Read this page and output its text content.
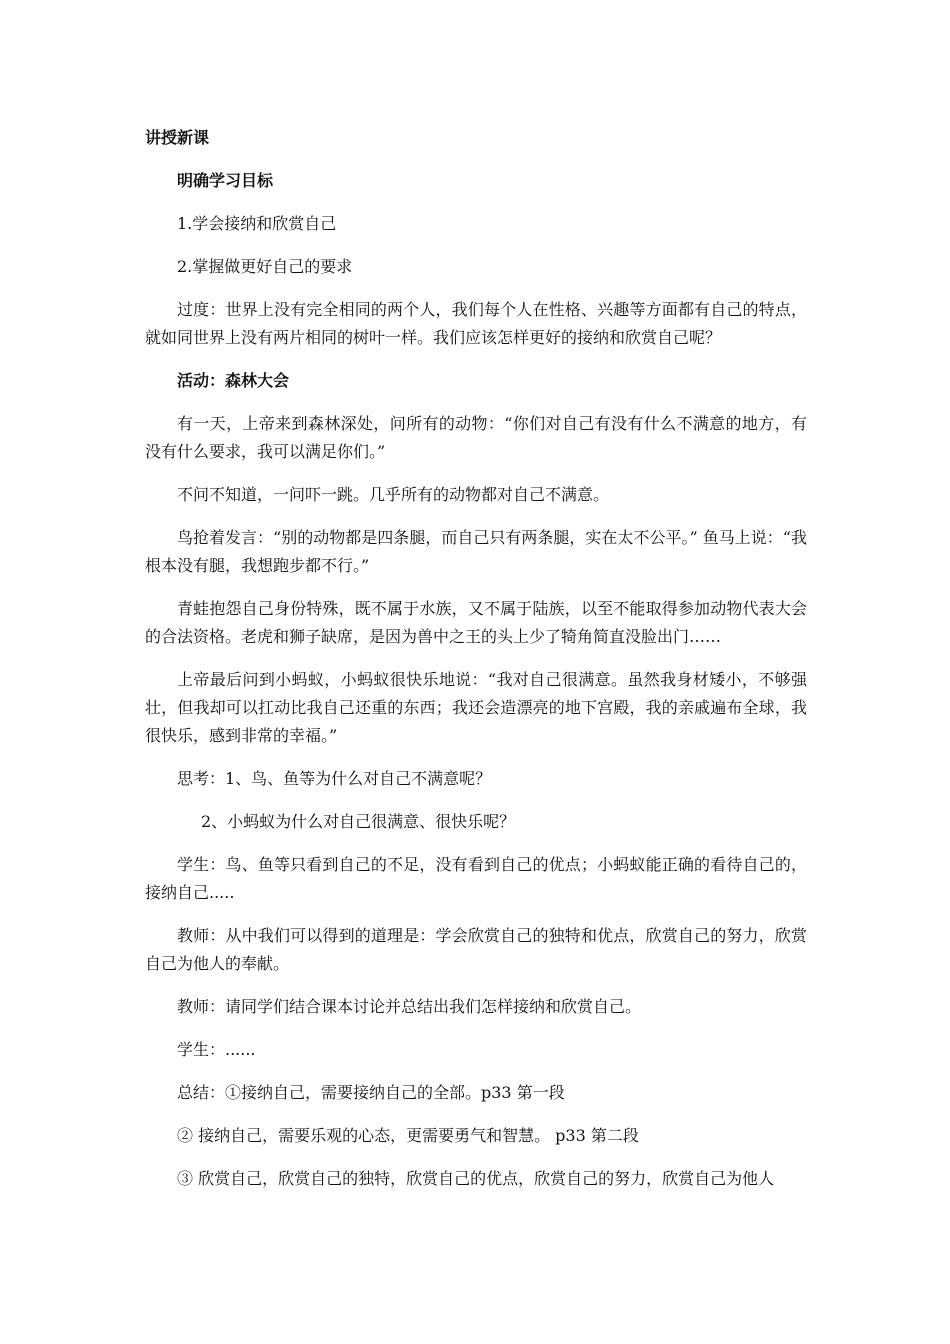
讲授新课

明确学习目标

1.学会接纳和欣赏自己

2.掌握做更好自己的要求

过度：世界上没有完全相同的两个人，我们每个人在性格、兴趣等方面都有自己的特点，就如同世界上没有两片相同的树叶一样。我们应该怎样更好的接纳和欣赏自己呢？

活动：森林大会

有一天，上帝来到森林深处，问所有的动物：“你们对自己有没有什么不满意的地方，有没有什么要求，我可以满足你们。”

不问不知道，一问吓一跳。几乎所有的动物都对自己不满意。

鸟抢着发言：“别的动物都是四条腿，而自己只有两条腿，实在太不公平。” 鱼马上说：“我根本没有腿，我想跑步都不行。”

青蛙抱怨自己身份特殊，既不属于水族，又不属于陆族，以至不能取得参加动物代表大会的合法资格。老虎和狮子缺席，是因为兽中之王的头上少了犄角简直没脸出门……

上帝最后问到小蚂蚁，小蚂蚁很快乐地说：“我对自己很满意。虽然我身材矮小，不够强壮，但我却可以扛动比我自己还重的东西；我还会造漂亮的地下宫殿，我的亲戚遍布全球，我很快乐，感到非常的幸福。”

思考：1、鸟、鱼等为什么对自己不满意呢？

2、小蚂蚁为什么对自己很满意、很快乐呢？

学生：鸟、鱼等只看到自己的不足，没有看到自己的优点；小蚂蚁能正确的看待自己的，接纳自己.....

教师：从中我们可以得到的道理是：学会欣赏自己的独特和优点，欣赏自己的努力，欣赏自己为他人的奉献。

教师：请同学们结合课本讨论并总结出我们怎样接纳和欣赏自己。

学生：......

总结：①接纳自己，需要接纳自己的全部。p33 第一段

② 接纳自己，需要乐观的心态，更需要勇气和智慧。 p33 第二段

③ 欣赏自己，欣赏自己的独特，欣赏自己的优点，欣赏自己的努力，欣赏自己为他人
